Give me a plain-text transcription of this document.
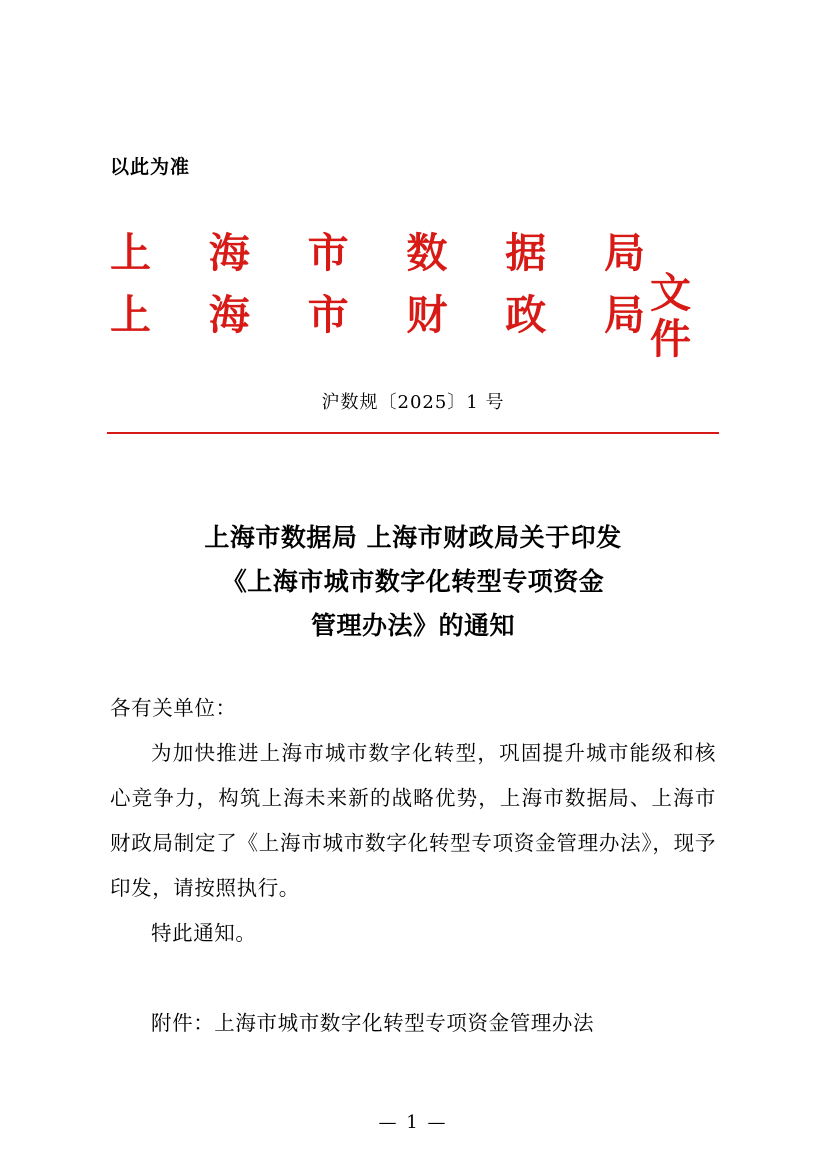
以此为准
上 海 市 数 据 局
上 海 市 财 政 局 文件
沪数规〔2025〕1 号
上海市数据局 上海市财政局关于印发
《上海市城市数字化转型专项资金
管理办法》的通知

各有关单位：

为加快推进上海市城市数字化转型，巩固提升城市能级和核心竞争力，构筑上海未来新的战略优势，上海市数据局、上海市财政局制定了《上海市城市数字化转型专项资金管理办法》，现予印发，请按照执行。

特此通知。

附件：上海市城市数字化转型专项资金管理办法

— 1 —
